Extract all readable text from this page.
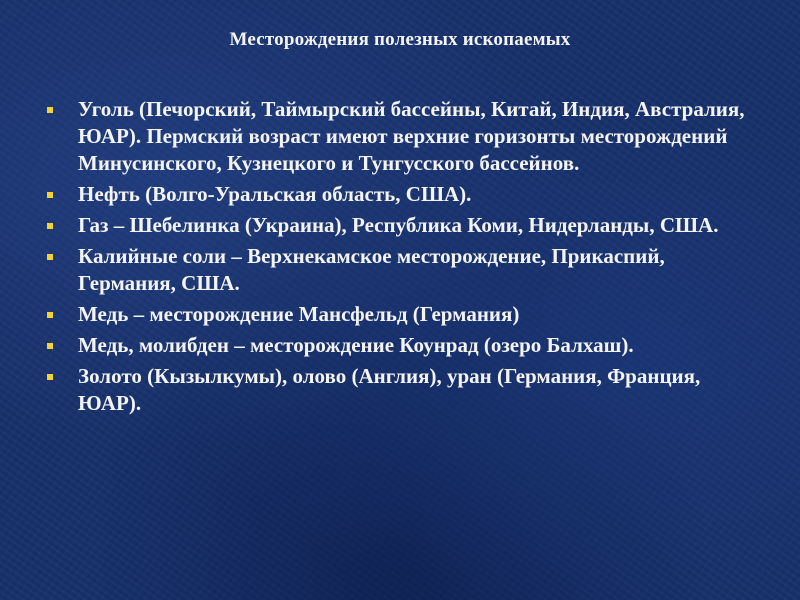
Месторождения полезных ископаемых
Уголь (Печорский, Таймырский бассейны, Китай, Индия, Австралия, ЮАР). Пермский возраст имеют верхние горизонты месторождений Минусинского, Кузнецкого и Тунгусского бассейнов.
Нефть (Волго-Уральская область, США).
Газ – Шебелинка (Украина), Республика Коми, Нидерланды, США.
Калийные соли – Верхнекамское месторождение, Прикаспий, Германия, США.
Медь – месторождение Мансфельд (Германия)
Медь, молибден – месторождение Коунрад (озеро Балхаш).
Золото (Кызылкумы), олово (Англия), уран (Германия, Франция, ЮАР).
